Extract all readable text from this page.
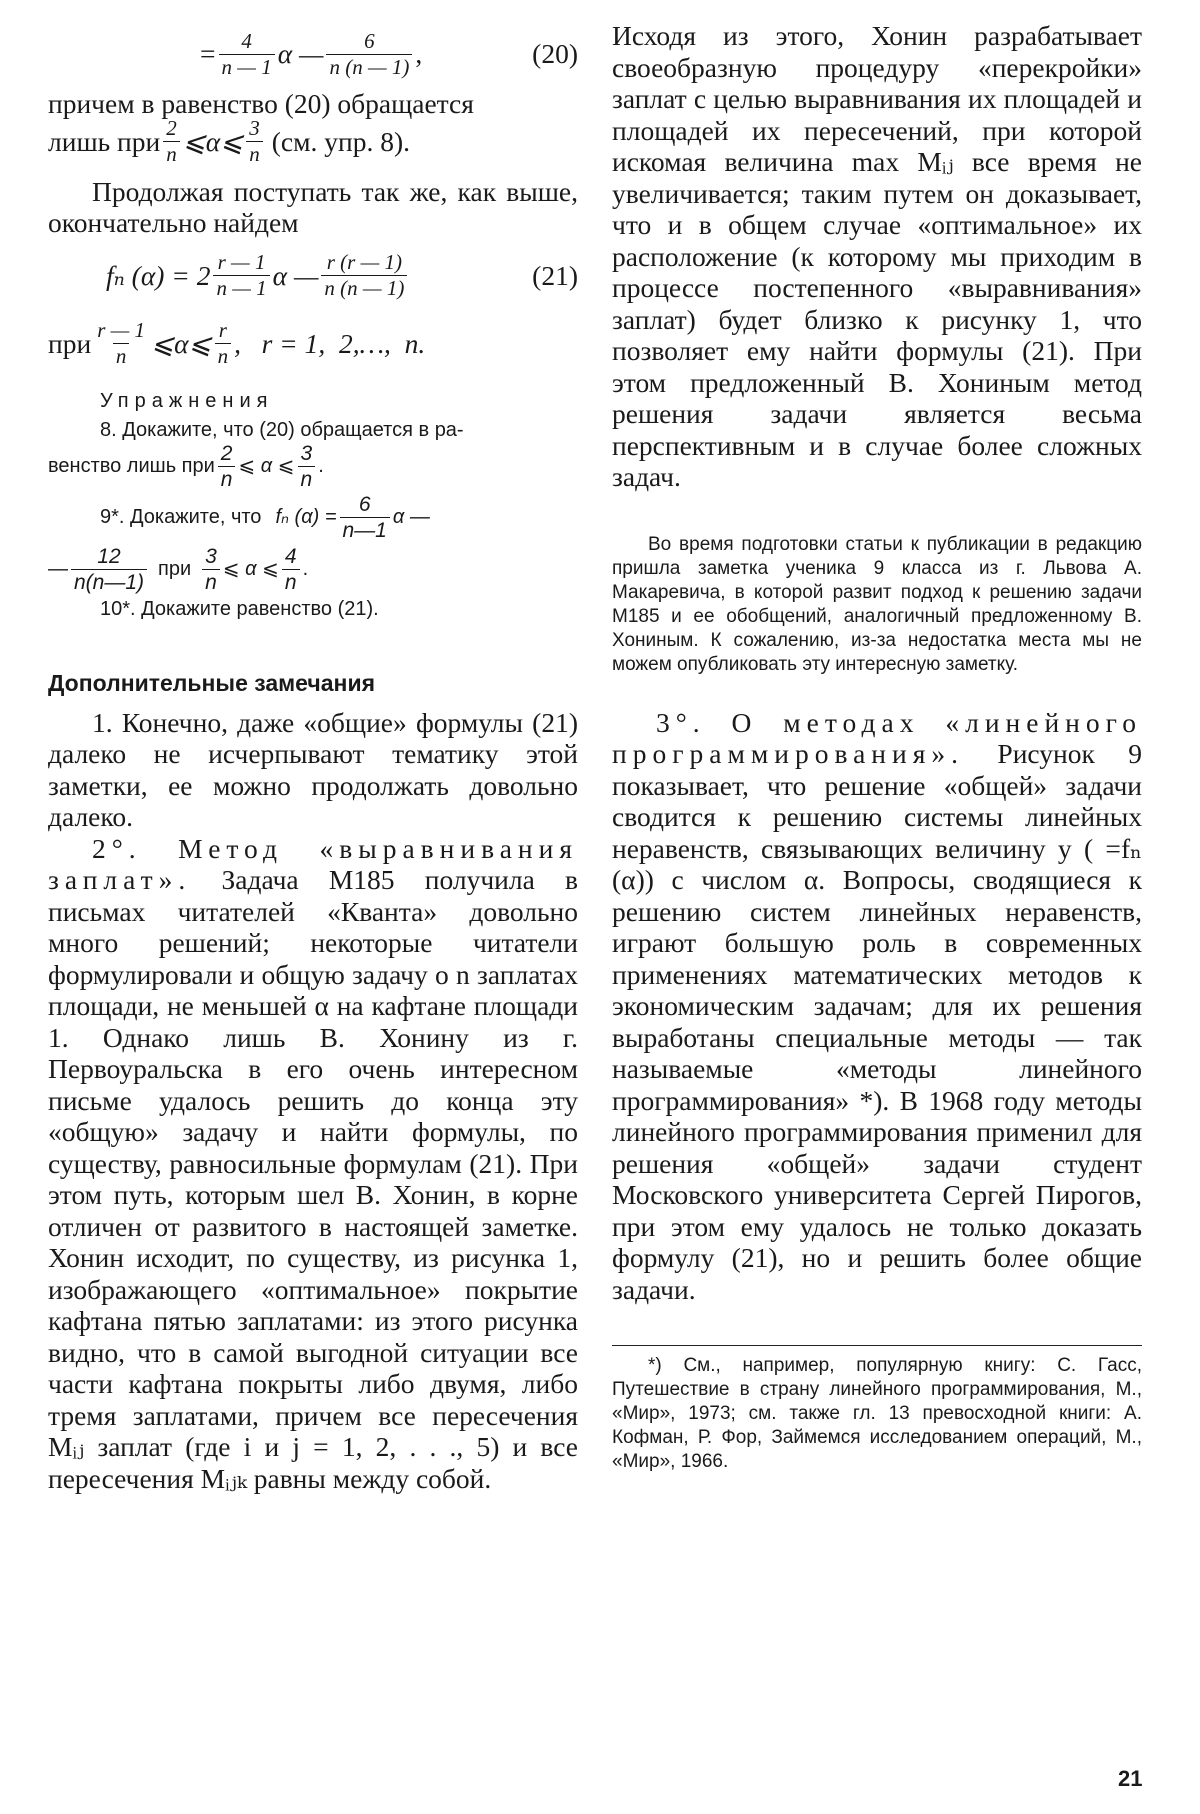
= $\frac{4}{n — 1}$ α — $\frac{6}{n (n — 1)}$ ,	(20)

причем в равенство (20) обращается

лишь при $\frac{2}{n}$ ⩽α⩽ $\frac{3}{n} (см$. упр. 8).

Продолжая поступать так же, как выше, окончательно найдем

fₙ $(\alpha) = 2 \frac{r — 1}{n — 1}$ α — $\frac{r (r — 1)}{n (n — 1)}$	(21)
при $\frac{r — 1}{n}$ ⩽α⩽ $\frac{r}{n}$ ,   r = 1,  2,…,  n.
Упражнения
8. Докажите, что (20) обращается в ра-
венство лишь при $\frac{2}{n}$ ⩽ α ⩽ $\frac{3}{n}$ .
9*. Докажите, что fₙ $(\alpha) = \frac{6}{n—1}$ α —
— $\frac{12}{n(n—1)}$ при $\frac{3}{n}$ ⩽ α ⩽ $\frac{4}{n}$ .
10*. Докажите равенство (21).
Дополнительные замечания

1. Конечно, даже «общие» формулы (21) далеко не исчерпывают тематику этой заметки, ее можно продолжать довольно далеко.

2°. Метод «выравнивания заплат». Задача М185 получила в письмах читателей «Кванта» довольно много решений; некоторые читатели формулировали и общую задачу о n заплатах площади, не меньшей α на кафтане площади 1. Однако лишь В. Хонину из г. Первоуральска в его очень интересном письме удалось решить до конца эту «общую» задачу и найти формулы, по существу, равносильные формулам (21). При этом путь, которым шел В. Хонин, в корне отличен от развитого в настоящей заметке. Хонин исходит, по существу, из рисунка 1, изображающего «оптимальное» покрытие кафтана пятью заплатами: из этого рисунка видно, что в самой выгодной ситуации все части кафтана покрыты либо двумя, либо тремя заплатами, причем все пересечения Mᵢⱼ заплат (где i и j = 1, 2, . . ., 5) и все пересечения Mᵢⱼₖ равны между собой.

Исходя из этого, Хонин разрабатывает своеобразную процедуру «перекройки» заплат с целью выравнивания их площадей и площадей их пересечений, при которой искомая величина max Mᵢⱼ все время не увеличивается; таким путем он доказывает, что и в общем случае «оптимальное» их расположение (к которому мы приходим в процессе постепенного «выравнивания» заплат) будет близко к рисунку 1, что позволяет ему найти формулы (21). При этом предложенный В. Хониным метод решения задачи является весьма перспективным и в случае более сложных задач.

Во время подготовки статьи к публикации в редакцию пришла заметка ученика 9 класса из г. Львова А. Макаревича, в которой развит подход к решению задачи М185 и ее обобщений, аналогичный предложенному В. Хониным. К сожалению, из-за недостатка места мы не можем опубликовать эту интересную заметку.

3°. О методах «линейного программирования». Рисунок 9 показывает, что решение «общей» задачи сводится к решению системы линейных неравенств, связывающих величину y ( =fₙ (α)) с числом α. Вопросы, сводящиеся к решению систем линейных неравенств, играют большую роль в современных применениях математических методов к экономическим задачам; для их решения выработаны специальные методы — так называемые «методы линейного программирования» *). В 1968 году методы линейного программирования применил для решения «общей» задачи студент Московского университета Сергей Пирогов, при этом ему удалось не только доказать формулу (21), но и решить более общие задачи.

*) См., например, популярную книгу: С. Гасс, Путешествие в страну линейного программирования, М., «Мир», 1973; см. также гл. 13 превосходной книги: А. Кофман, Р. Фор, Займемся исследованием операций, М., «Мир», 1966.

21
